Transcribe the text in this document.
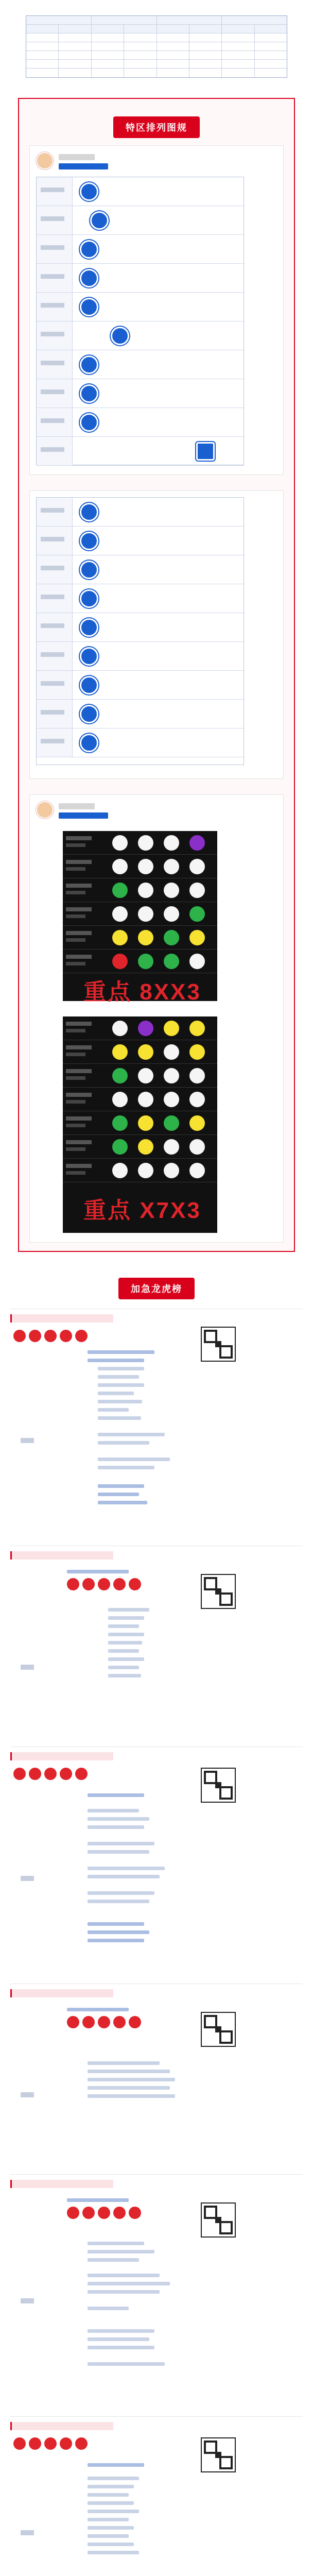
特区排列图规
重点 8XX3
重点 X7X3
加急龙虎榜
